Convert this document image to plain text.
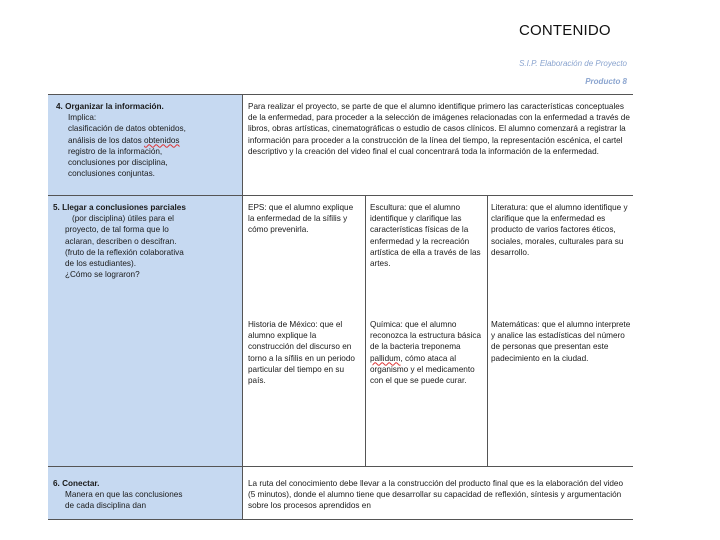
CONTENIDO
S.I.P. Elaboración de Proyecto
Producto 8

4. Organizar la información.

Implica:

clasificación de datos obtenidos,

análisis de los datos obtenidos

registro de la información,

conclusiones por disciplina,

conclusiones conjuntas.

Para realizar el proyecto, se parte de que el alumno identifique primero las características conceptuales de la enfermedad, para proceder a la selección de imágenes relacionadas con la enfermedad a través de libros, obras artísticas, cinematográficas o estudio de casos clínicos. El alumno comenzará a registrar la información para proceder a la construcción de la línea del tiempo, la representación escénica, el cartel descriptivo y la creación del video final el cual concentrará toda la información de la enfermedad.

5. Llegar a conclusiones parciales

(por disciplina) útiles para el

proyecto, de tal forma que lo

aclaran, describen o descifran.

(fruto de la reflexión colaborativa

de los estudiantes).

¿Cómo se lograron?

EPS: que el alumno explique la enfermedad de la sífilis y cómo prevenirla.
Escultura: que el alumno identifique y clarifique las características físicas de la enfermedad y la recreación artística de ella a través de las artes.
Literatura: que el alumno identifique y clarifique que la enfermedad es producto de varios factores éticos, sociales, morales, culturales para su desarrollo.
Historia de México: que el alumno explique la construcción del discurso en torno a la sífilis en un periodo particular del tiempo en su país.
Química: que el alumno reconozca la estructura básica de la bacteria treponema pallidum, cómo ataca al organismo y el medicamento con el que se puede curar.
Matemáticas: que el alumno interprete y analice las estadísticas del número de personas que presentan este padecimiento en la ciudad.

6. Conectar.

Manera en que las conclusiones

de cada disciplina dan

La ruta del conocimiento debe llevar a la construcción del producto final que es la elaboración del video (5 minutos), donde el alumno tiene que desarrollar su capacidad de reflexión, síntesis y argumentación sobre los procesos aprendidos en
